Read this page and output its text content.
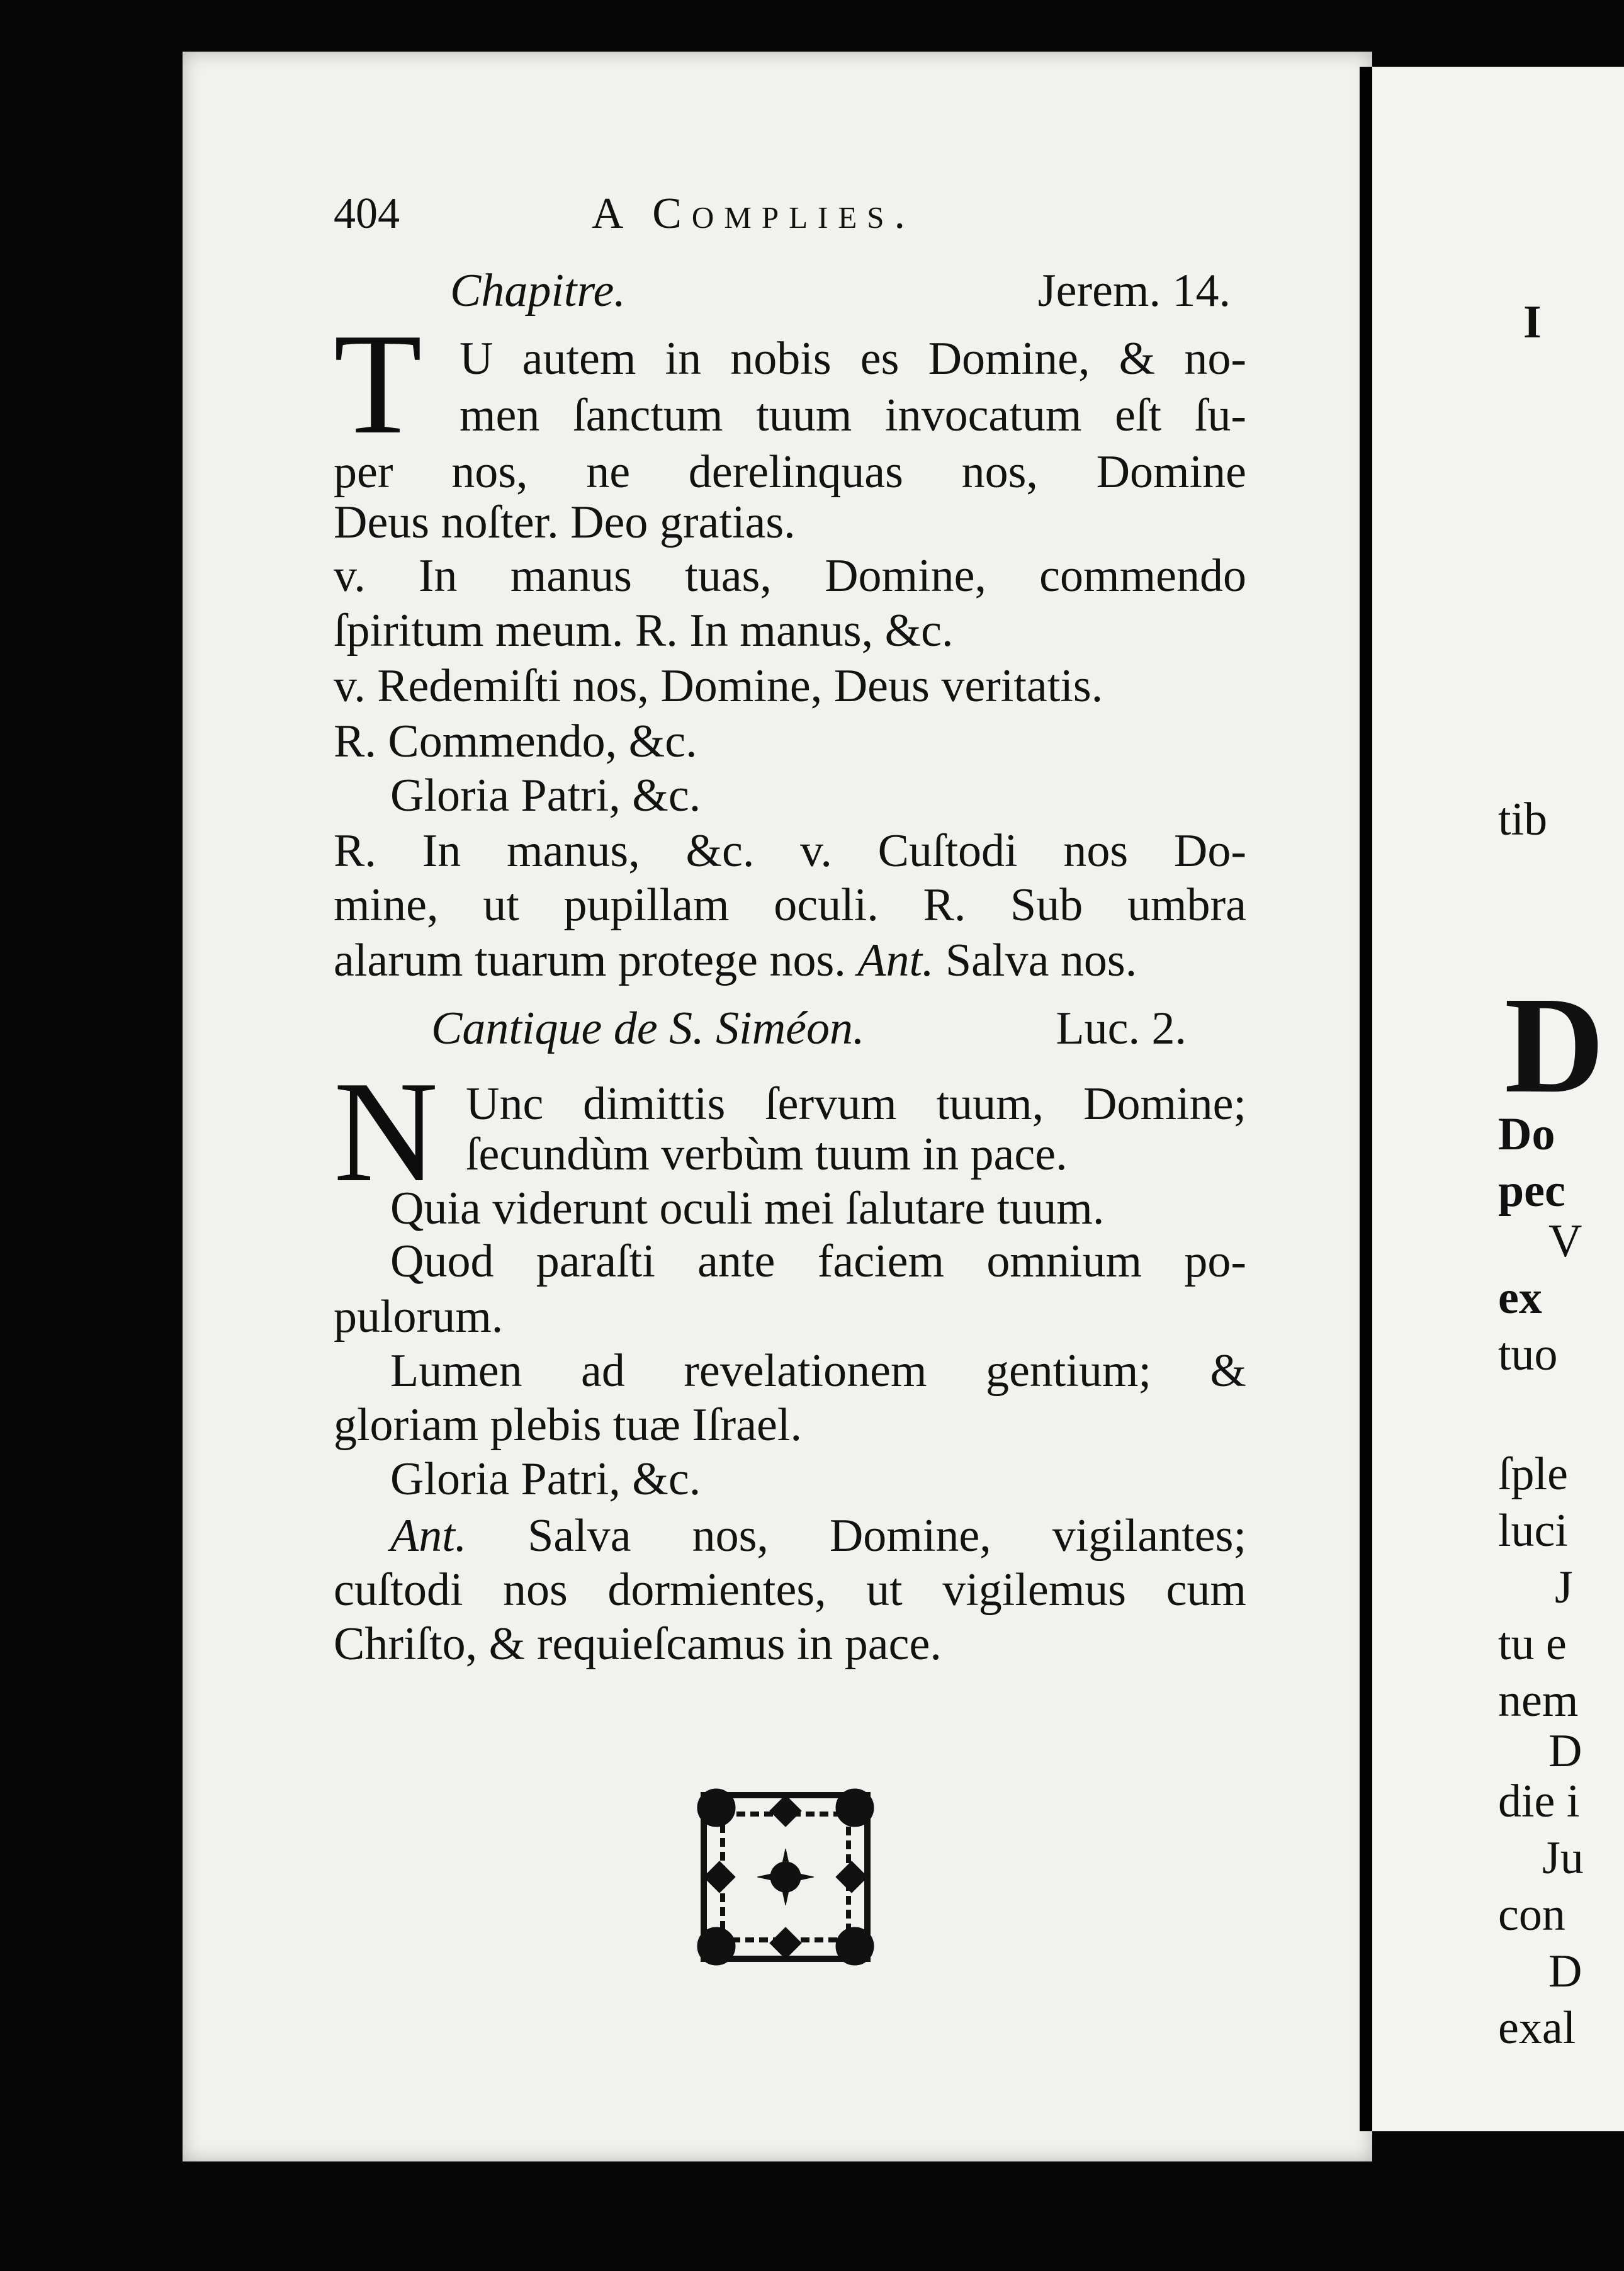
404	A Complies.
Chapitre.	Jerem. 14.
T U autem in nobis es Domine, & no-
men ſanctum tuum invocatum eſt ſu-
per nos, ne derelinquas nos, Domine
Deus noſter. Deo gratias.
v. In manus tuas, Domine, commendo
ſpiritum meum. R. In manus, &c.
v. Redemiſti nos, Domine, Deus veritatis.
R. Commendo, &c.
Gloria Patri, &c.
R. In manus, &c. v. Cuſtodi nos Do-
mine, ut pupillam oculi. R. Sub umbra
alarum tuarum protege nos. Ant. Salva nos.
Cantique de S. Siméon.	Luc. 2.
N Unc dimittis ſervum tuum, Domine;
ſecundùm verbùm tuum in pace.
Quia viderunt oculi mei ſalutare tuum.
Quod paraſti ante faciem omnium po-
pulorum.
Lumen ad revelationem gentium; &
gloriam plebis tuæ Iſrael.
Gloria Patri, &c.
Ant. Salva nos, Domine, vigilantes;
cuſtodi nos dormientes, ut vigilemus cum
Chriſto, & requieſcamus in pace.
I
tib
D
Do
pec
V
ex
tuo
ſple
luci
J
tu e
nem
D
die i
Ju
con
D
exal
